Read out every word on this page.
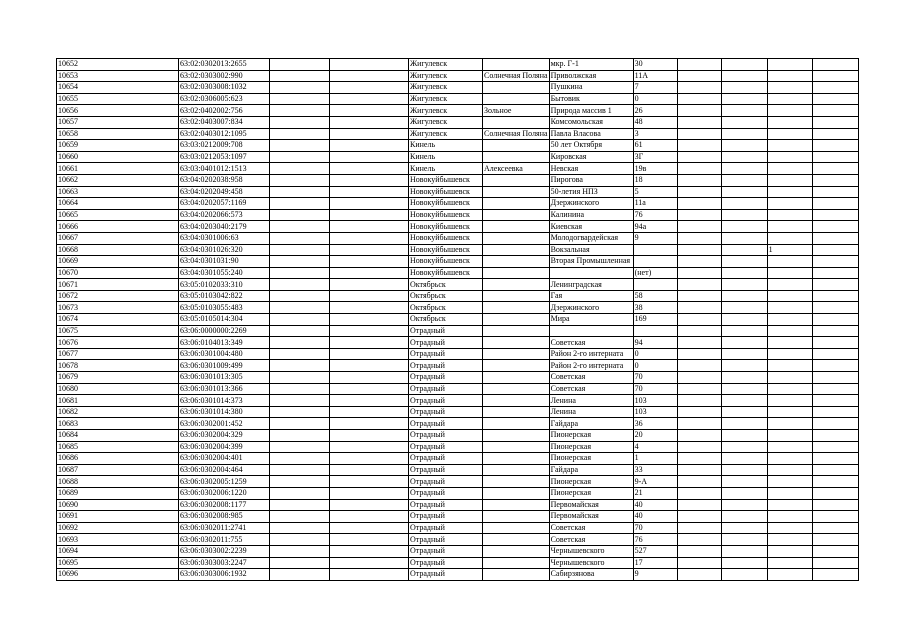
10652	63:02:0302013:2655			Жигулевск		мкр. Г-1	30				
10653	63:02:0303002:990			Жигулевск	Солнечная Поляна	Приволжская	11А				
10654	63:02:0303008:1032			Жигулевск		Пушкина	7				
10655	63:02:0306005:623			Жигулевск		Бытовик	0				
10656	63:02:0402002:756			Жигулевск	Зольное	Природа массив 1	26				
10657	63:02:0403007:834			Жигулевск		Комсомольская	48				
10658	63:02:0403012:1095			Жигулевск	Солнечная Поляна	Павла Власова	3				
10659	63:03:0212009:708			Кинель		50 лет Октября	61				
10660	63:03:0212053:1097			Кинель		Кировская	3Г				
10661	63:03:0401012:1513			Кинель	Алексеевка	Невская	19в				
10662	63:04:0202038:958			Новокуйбышевск		Пирогова	18				
10663	63:04:0202049:458			Новокуйбышевск		50-летия НПЗ	5				
10664	63:04:0202057:1169			Новокуйбышевск		Дзержинского	11а				
10665	63:04:0202066:573			Новокуйбышевск		Калинина	76				
10666	63:04:0203040:2179			Новокуйбышевск		Киевская	94а				
10667	63:04:0301006:63			Новокуйбышевск		Молодогвардейская	9				
10668	63:04:0301026:320			Новокуйбышевск		Вокзальная				1	
10669	63:04:0301031:90			Новокуйбышевск		Вторая Промышленная					
10670	63:04:0301055:240			Новокуйбышевск			(нет)				
10671	63:05:0102033:310			Октябрьск		Ленинградская					
10672	63:05:0103042:822			Октябрьск		Гая	58				
10673	63:05:0103055:483			Октябрьск		Дзержинского	38				
10674	63:05:0105014:304			Октябрьск		Мира	169				
10675	63:06:0000000:2269			Отрадный							
10676	63:06:0104013:349			Отрадный		Советская	94				
10677	63:06:0301004:480			Отрадный		Район 2-го интерната	0				
10678	63:06:0301009:499			Отрадный		Район 2-го интерната	0				
10679	63:06:0301013:305			Отрадный		Советская	70				
10680	63:06:0301013:366			Отрадный		Советская	70				
10681	63:06:0301014:373			Отрадный		Ленина	103				
10682	63:06:0301014:380			Отрадный		Ленина	103				
10683	63:06:0302001:452			Отрадный		Гайдара	36				
10684	63:06:0302004:329			Отрадный		Пионерская	20				
10685	63:06:0302004:399			Отрадный		Пионерская	4				
10686	63:06:0302004:401			Отрадный		Пионерская	1				
10687	63:06:0302004:464			Отрадный		Гайдара	33				
10688	63:06:0302005:1259			Отрадный		Пионерская	9-А				
10689	63:06:0302006:1220			Отрадный		Пионерская	21				
10690	63:06:0302008:1177			Отрадный		Первомайская	40				
10691	63:06:0302008:985			Отрадный		Первомайская	40				
10692	63:06:0302011:2741			Отрадный		Советская	70				
10693	63:06:0302011:755			Отрадный		Советская	76				
10694	63:06:0303002:2239			Отрадный		Чернышевского	527				
10695	63:06:0303003:2247			Отрадный		Чернышевского	17				
10696	63:06:0303006:1932			Отрадный		Сабирзянова	9				
